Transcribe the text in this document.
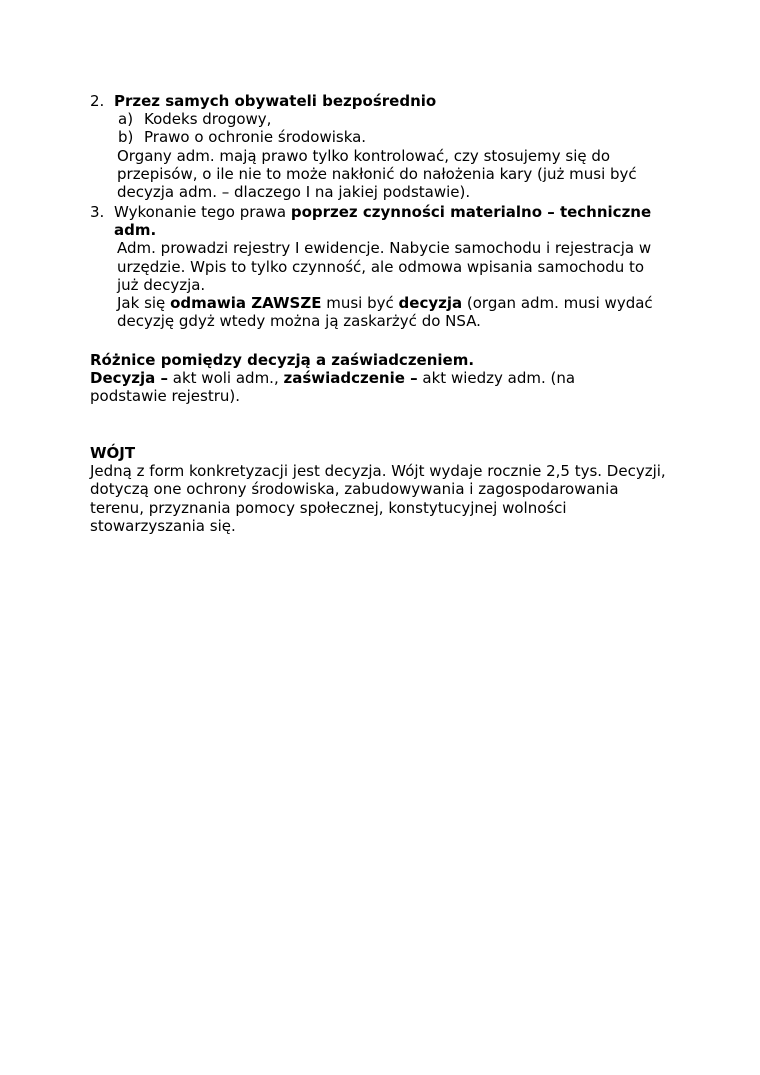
2. Przez samych obywateli bezpośrednio

a) Kodeks drogowy,

b) Prawo o ochronie środowiska.

Organy adm. mają prawo tylko kontrolować, czy stosujemy się do przepisów, o ile nie to może nakłonić do nałożenia kary (już musi być decyzja adm. – dlaczego I na jakiej podstawie).

3. Wykonanie tego prawa poprzez czynności materialno – techniczne adm.

Adm. prowadzi rejestry I ewidencje. Nabycie samochodu i rejestracja w urzędzie. Wpis to tylko czynność, ale odmowa wpisania samochodu to już decyzja.

Jak się odmawia ZAWSZE musi być decyzja (organ adm. musi wydać decyzję gdyż wtedy można ją zaskarżyć do NSA.

Różnice pomiędzy decyzją a zaświadczeniem.

Decyzja – akt woli adm., zaświadczenie – akt wiedzy adm. (na podstawie rejestru).

WÓJT

Jedną z form konkretyzacji jest decyzja. Wójt wydaje rocznie 2,5 tys. Decyzji, dotyczą one ochrony środowiska, zabudowywania i zagospodarowania terenu, przyznania pomocy społecznej, konstytucyjnej wolności stowarzyszania się.
